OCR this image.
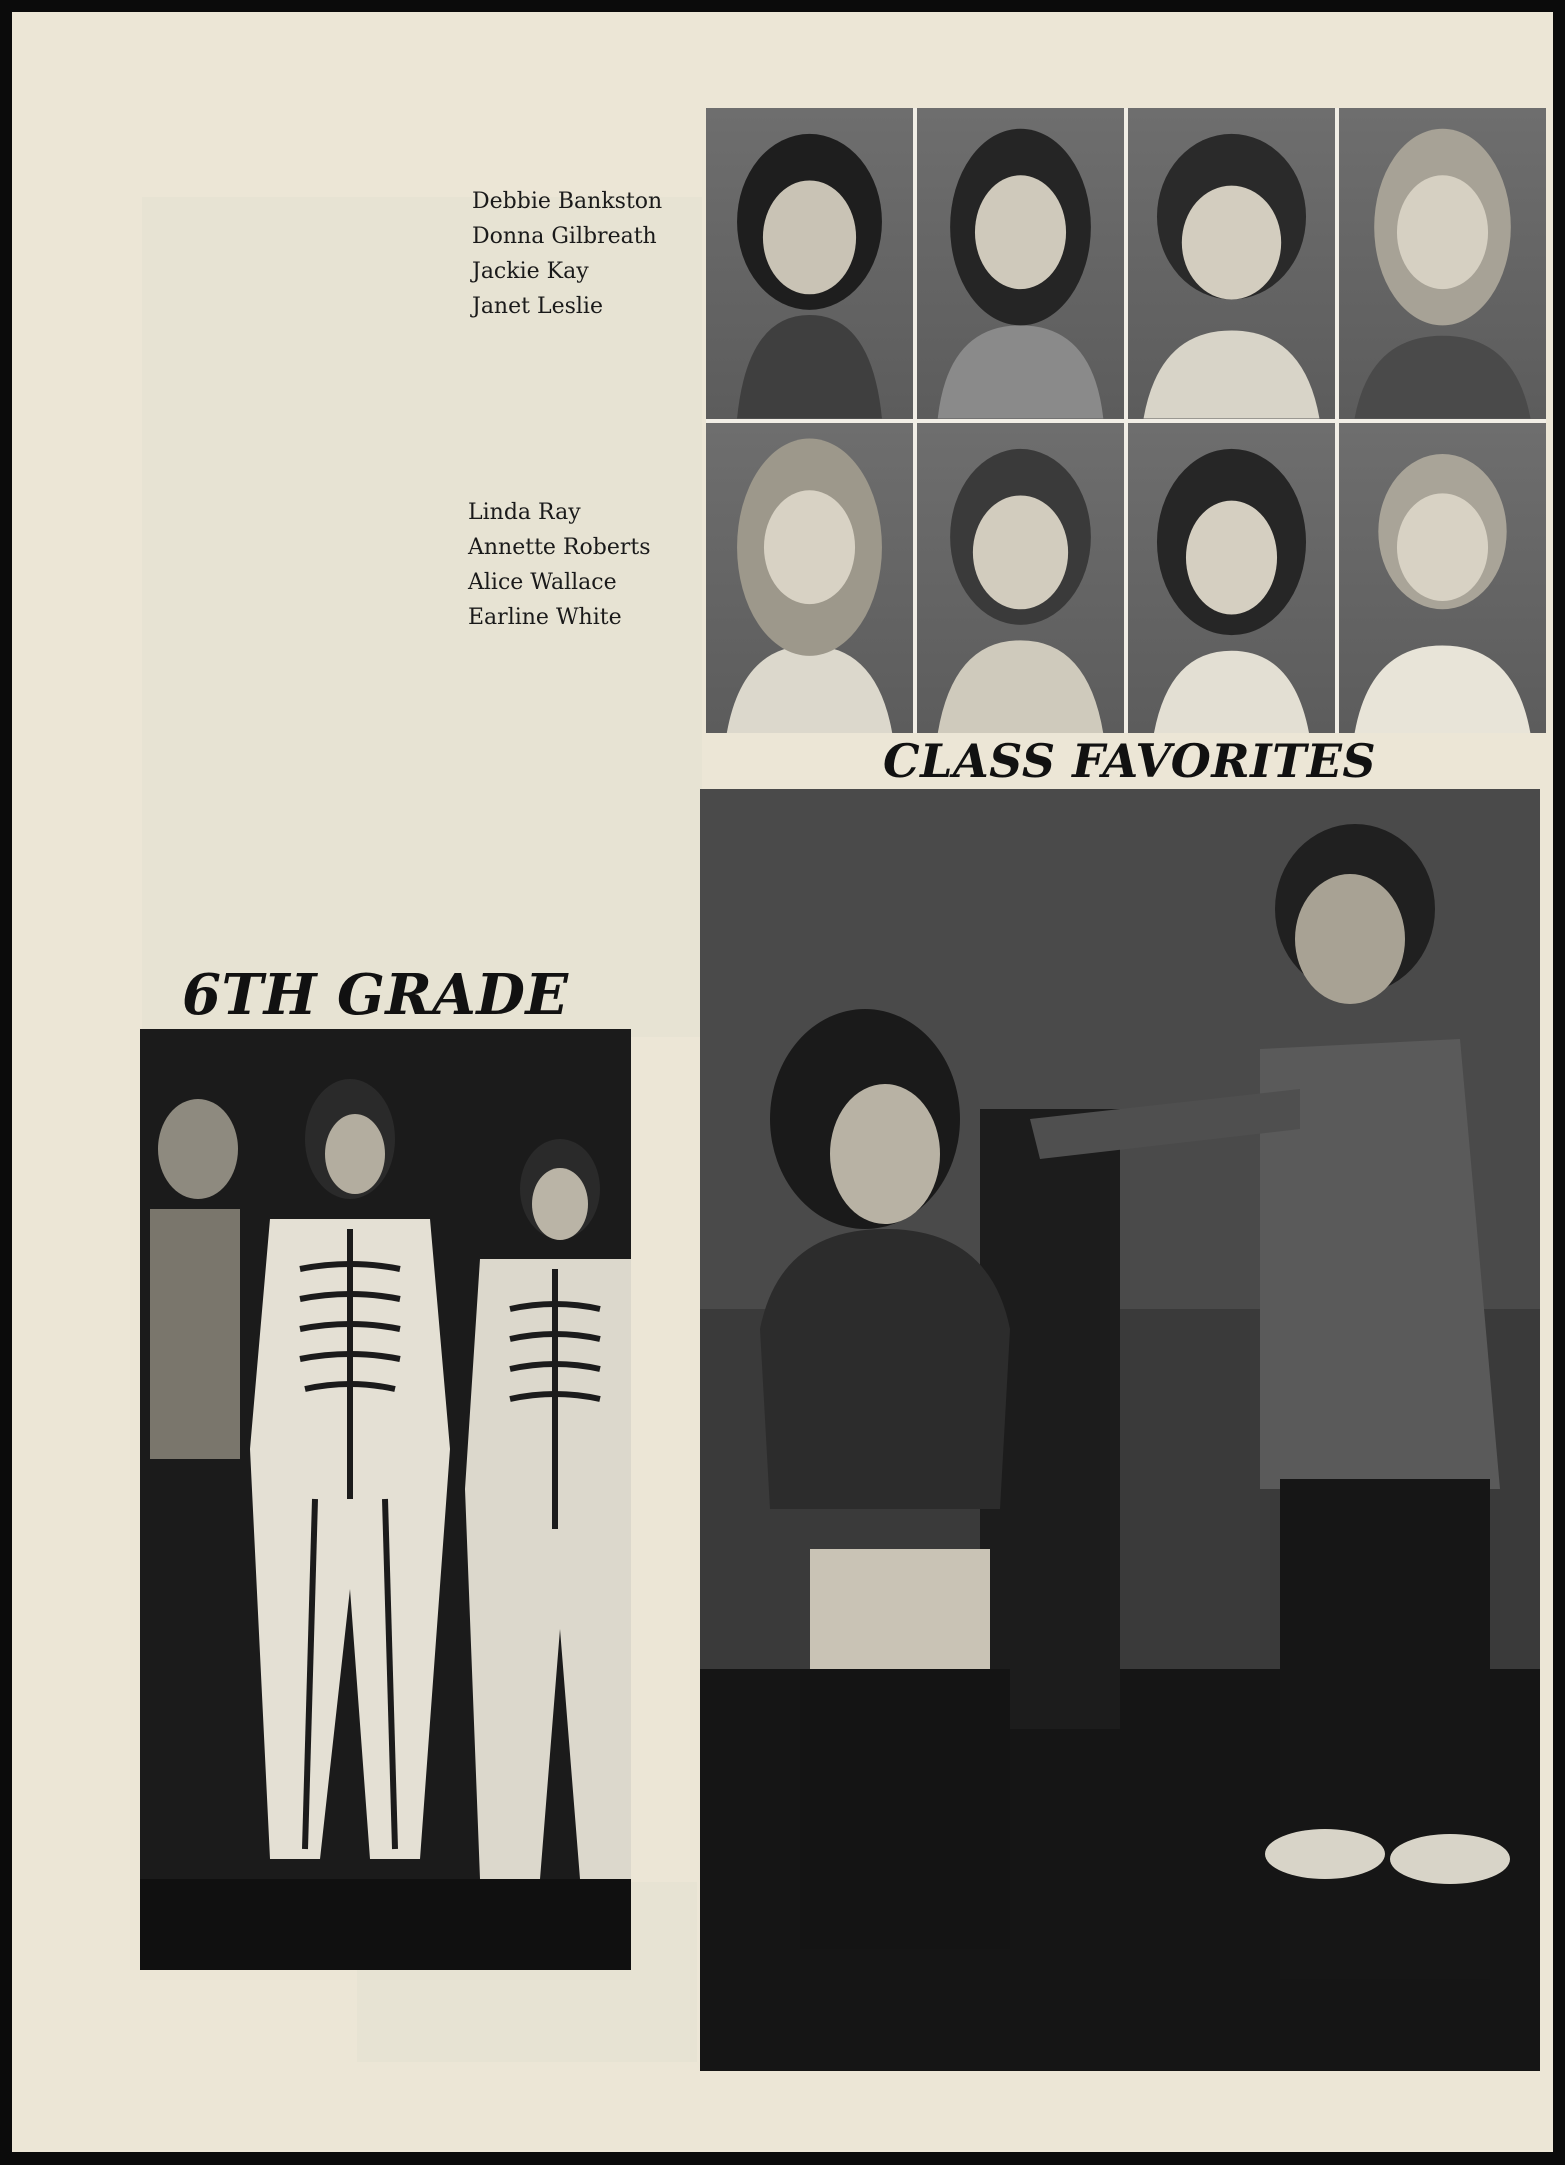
Debbie Bankston
Donna Gilbreath
Jackie Kay
Janet Leslie
Linda Ray
Annette Roberts
Alice Wallace
Earline White
CLASS FAVORITES
6TH GRADE
